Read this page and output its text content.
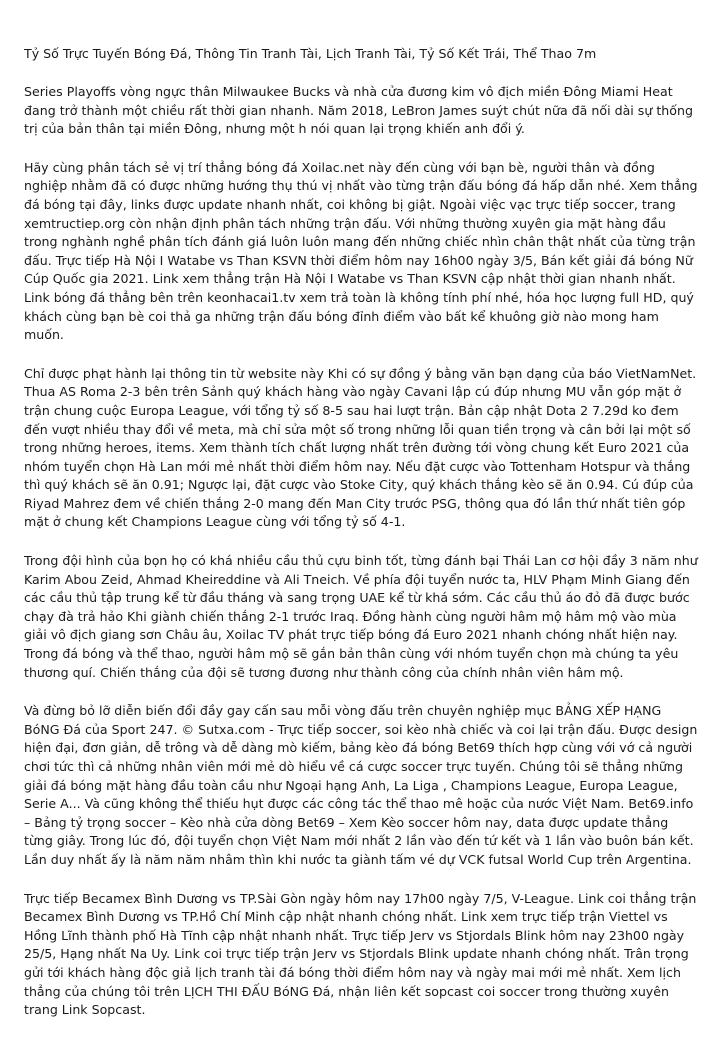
Tỷ Số Trực Tuyến Bóng Đá, Thông Tin Tranh Tài, Lịch Tranh Tài, Tỷ Số Kết Trái, Thể Thao 7m
Series Playoffs vòng ngực thân Milwaukee Bucks và nhà cửa đương kim vô địch miền Đông Miami Heat đang trở thành một chiều rất thời gian nhanh. Năm 2018, LeBron James suýt chút nữa đã nối dài sự thống trị của bản thân tại miền Đông, nhưng một h nói quan lại trọng khiến anh đổi ý.
Hãy cùng phân tách sẻ vị trí thẳng bóng đá Xoilac.net này đến cùng với bạn bè, người thân và đồng nghiệp nhằm đã có được những hướng thụ thú vị nhất vào từng trận đấu bóng đá hấp dẫn nhé. Xem thẳng đá bóng tại đây, links được update nhanh nhất, coi không bị giật. Ngoài việc vạc trực tiếp soccer, trang xemtructiep.org còn nhận định phân tách những trận đấu. Với những thường xuyên gia mặt hàng đầu trong nghành nghề phân tích đánh giá luôn luôn mang đến những chiếc nhìn chân thật nhất của từng trận đấu. Trực tiếp Hà Nội I Watabe vs Than KSVN thời điểm hôm nay 16h00 ngày 3/5, Bán kết giải đá bóng Nữ Cúp Quốc gia 2021. Link xem thẳng trận Hà Nội I Watabe vs Than KSVN cập nhật thời gian nhanh nhất. Link bóng đá thẳng bên trên keonhacai1.tv xem trả toàn là không tính phí nhé, hóa học lượng full HD, quý khách cùng bạn bè coi thả ga những trận đấu bóng đỉnh điểm vào bất kể khuông giờ nào mong ham muốn.
Chỉ được phạt hành lại thông tin từ website này Khi có sự đồng ý bằng văn bạn dạng của báo VietNamNet. Thua AS Roma 2-3 bên trên Sảnh quý khách hàng vào ngày Cavani lập cú đúp nhưng MU vẫn góp mặt ở trận chung cuộc Europa League, với tổng tỷ số 8-5 sau hai lượt trận. Bản cập nhật Dota 2 7.29d ko đem đến vượt nhiều thay đổi về meta, mà chỉ sửa một số trong những lỗi quan tiền trọng và cân bởi lại một số trong những heroes, items. Xem thành tích chất lượng nhất trên đường tới vòng chung kết Euro 2021 của nhóm tuyển chọn Hà Lan mới mẻ nhất thời điểm hôm nay. Nếu đặt cược vào Tottenham Hotspur và thắng thì quý khách sẽ ăn 0.91; Ngược lại, đặt cược vào Stoke City, quý khách thắng kèo sẽ ăn 0.94. Cú đúp của Riyad Mahrez đem về chiến thắng 2-0 mang đến Man City trước PSG, thông qua đó lần thứ nhất tiên góp mặt ở chung kết Champions League cùng với tổng tỷ số 4-1.
Trong đội hình của bọn họ có khá nhiều cầu thủ cựu binh tốt, từng đánh bại Thái Lan cơ hội đầy 3 năm như Karim Abou Zeid, Ahmad Kheireddine và Ali Tneich. Về phía đội tuyển nước ta, HLV Phạm Minh Giang đến các cầu thủ tập trung kể từ đầu tháng và sang trọng UAE kể từ khá sớm. Các cầu thủ áo đỏ đã được bước chạy đà trả hảo Khi giành chiến thắng 2-1 trước Iraq. Đồng hành cùng người hâm mộ hâm mộ vào mùa giải vô địch giang sơn Châu âu, Xoilac TV phát trực tiếp bóng đá Euro 2021 nhanh chóng nhất hiện nay. Trong đá bóng và thể thao, người hâm mộ sẽ gắn bản thân cùng với nhóm tuyển chọn mà chúng ta yêu thương quí. Chiến thắng của đội sẽ tương đương như thành công của chính nhân viên hâm mộ.
Và đừng bỏ lỡ diễn biến đổi đầy gay cấn sau mỗi vòng đấu trên chuyên nghiệp mục BẢNG XẾP HẠNG BóNG Đá của Sport 247. © Sutxa.com - Trực tiếp soccer, soi kèo nhà chiếc và coi lại trận đấu. Được design hiện đại, đơn giản, dễ trông và dễ dàng mò kiếm, bảng kèo đá bóng Bet69 thích hợp cùng với vớ cả người chơi tức thì cả những nhân viên mới mẻ dò hiểu về cá cược soccer trực tuyến. Chúng tôi sẽ thẳng những giải đá bóng mặt hàng đầu toàn cầu như Ngoại hạng Anh, La Liga , Champions League, Europa League, Serie A... Và cũng không thể thiếu hụt được các công tác thể thao mê hoặc của nước Việt Nam. Bet69.info – Bảng tỷ trọng soccer – Kèo nhà cửa dòng Bet69 – Xem Kèo soccer hôm nay, data được update thẳng từng giây. Trong lúc đó, đội tuyển chọn Việt Nam mới nhất 2 lần vào đến tứ kết và 1 lần vào buôn bán kết. Lần duy nhất ấy là năm năm nhâm thìn khi nước ta giành tấm vé dự VCK futsal World Cup trên Argentina.
Trực tiếp Becamex Bình Dương vs TP.Sài Gòn ngày hôm nay 17h00 ngày 7/5, V-League. Link coi thẳng trận Becamex Bình Dương vs TP.Hồ Chí Minh cập nhật nhanh chóng nhất. Link xem trực tiếp trận Viettel vs Hồng Lĩnh thành phố Hà Tĩnh cập nhật nhanh nhất. Trực tiếp Jerv vs Stjordals Blink hôm nay 23h00 ngày 25/5, Hạng nhất Na Uy. Link coi trực tiếp trận Jerv vs Stjordals Blink update nhanh chóng nhất. Trân trọng gửi tới khách hàng độc giả lịch tranh tài đá bóng thời điểm hôm nay và ngày mai mới mẻ nhất. Xem lịch thẳng của chúng tôi trên LỊCH THI ĐẤU BóNG Đá, nhận liên kết sopcast coi soccer trong thường xuyên trang Link Sopcast.
